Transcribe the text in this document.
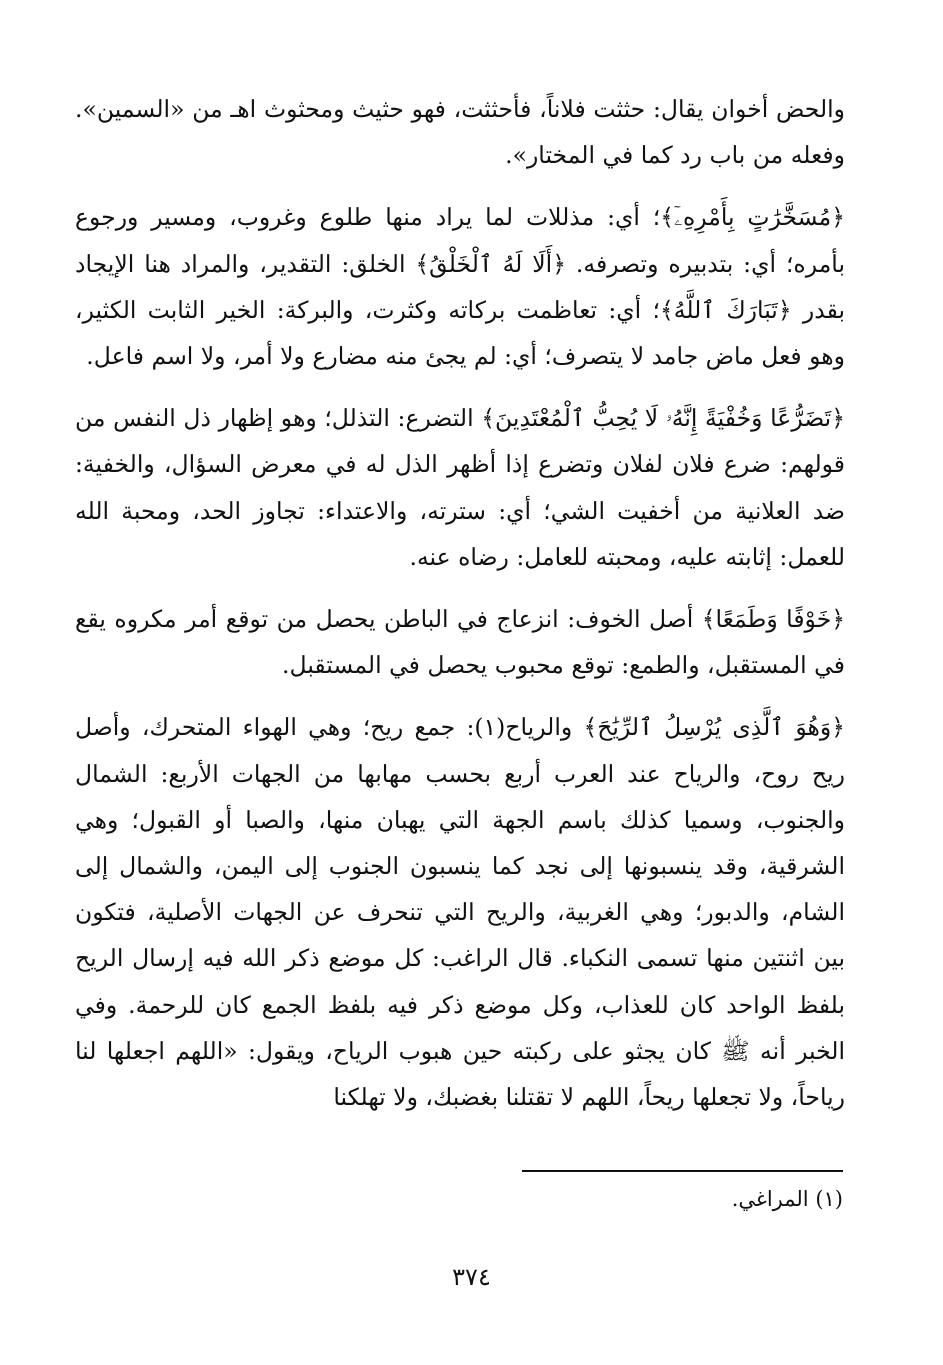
والحض أخوان يقال: حثثت فلاناً، فأحثثت، فهو حثيث ومحثوث اهـ من «السمين». وفعله من باب رد كما في المختار».

﴿مُسَخَّرَٰتٍ بِأَمْرِهِۦٓ﴾؛ أي: مذللات لما يراد منها طلوع وغروب، ومسير ورجوع بأمره؛ أي: بتدبيره وتصرفه. ﴿أَلَا لَهُ ٱلْخَلْقُ﴾ الخلق: التقدير، والمراد هنا الإيجاد بقدر ﴿تَبَارَكَ ٱللَّهُ﴾؛ أي: تعاظمت بركاته وكثرت، والبركة: الخير الثابت الكثير، وهو فعل ماض جامد لا يتصرف؛ أي: لم يجئ منه مضارع ولا أمر، ولا اسم فاعل.

﴿تَضَرُّعًا وَخُفْيَةً إِنَّهُۥ لَا يُحِبُّ ٱلْمُعْتَدِينَ﴾ التضرع: التذلل؛ وهو إظهار ذل النفس من قولهم: ضرع فلان لفلان وتضرع إذا أظهر الذل له في معرض السؤال، والخفية: ضد العلانية من أخفيت الشي؛ أي: سترته، والاعتداء: تجاوز الحد، ومحبة الله للعمل: إثابته عليه، ومحبته للعامل: رضاه عنه.

﴿خَوْفًا وَطَمَعًا﴾ أصل الخوف: انزعاج في الباطن يحصل من توقع أمر مكروه يقع في المستقبل، والطمع: توقع محبوب يحصل في المستقبل.

﴿وَهُوَ ٱلَّذِى يُرْسِلُ ٱلرِّيَٰحَ﴾ والرياح(١): جمع ريح؛ وهي الهواء المتحرك، وأصل ريح روح، والرياح عند العرب أربع بحسب مهابها من الجهات الأربع: الشمال والجنوب، وسميا كذلك باسم الجهة التي يهبان منها، والصبا أو القبول؛ وهي الشرقية، وقد ينسبونها إلى نجد كما ينسبون الجنوب إلى اليمن، والشمال إلى الشام، والدبور؛ وهي الغربية، والريح التي تنحرف عن الجهات الأصلية، فتكون بين اثنتين منها تسمى النكباء. قال الراغب: كل موضع ذكر الله فيه إرسال الريح بلفظ الواحد كان للعذاب، وكل موضع ذكر فيه بلفظ الجمع كان للرحمة. وفي الخبر أنه ﷺ كان يجثو على ركبته حين هبوب الرياح، ويقول: «اللهم اجعلها لنا رياحاً، ولا تجعلها ريحاً، اللهم لا تقتلنا بغضبك، ولا تهلكنا

(١) المراغي.
٣٧٤
